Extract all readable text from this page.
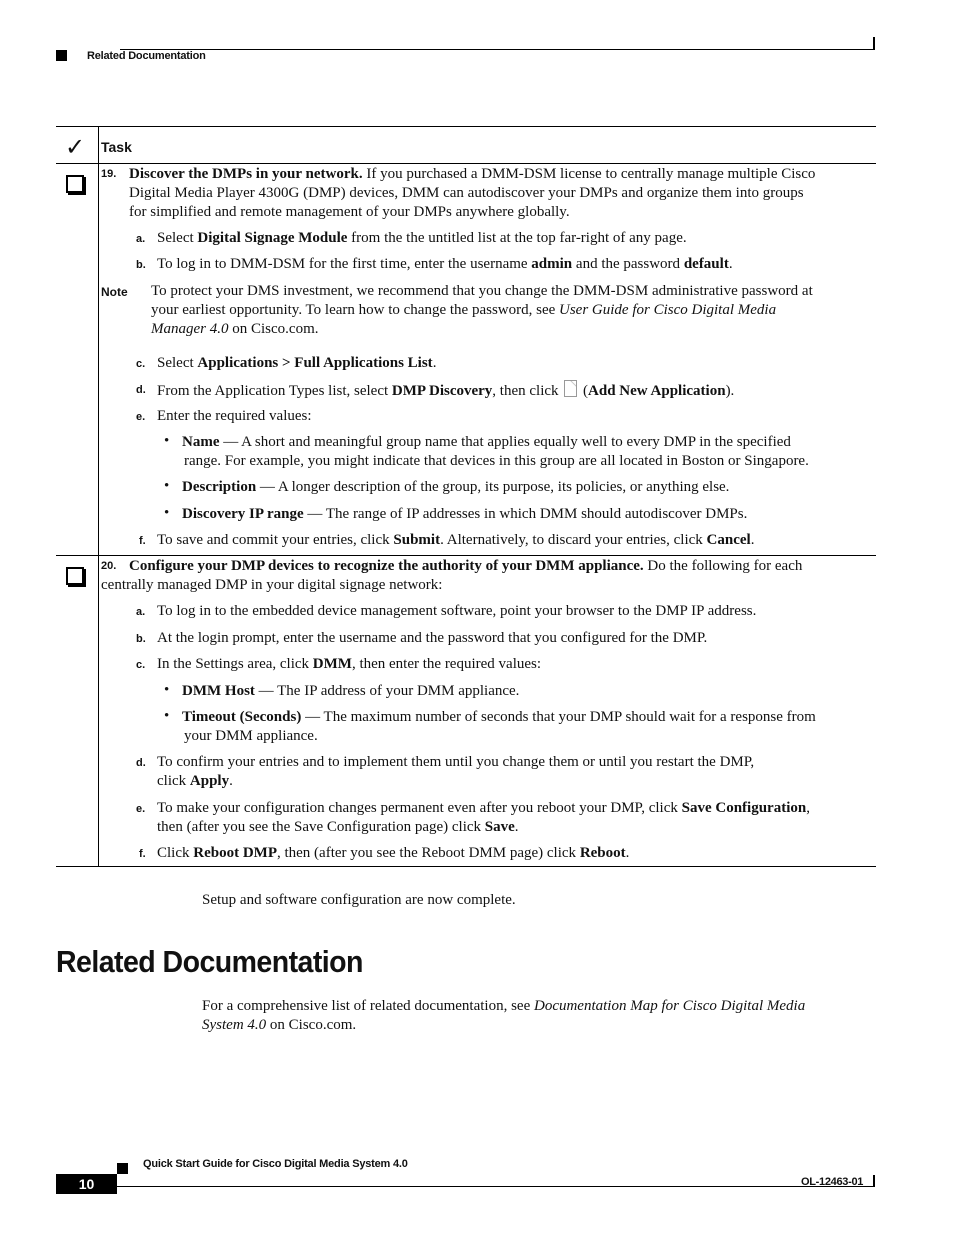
Related Documentation
✓ Task
19. Discover the DMPs in your network. If you purchased a DMM-DSM license to centrally manage multiple Cisco
Digital Media Player 4300G (DMP) devices, DMM can autodiscover your DMPs and organize them into groups
for simplified and remote management of your DMPs anywhere globally.
a. Select Digital Signage Module from the the untitled list at the top far-right of any page.
b. To log in to DMM-DSM for the first time, enter the username admin and the password default.
Note To protect your DMS investment, we recommend that you change the DMM-DSM administrative password at
your earliest opportunity. To learn how to change the password, see User Guide for Cisco Digital Media
Manager 4.0 on Cisco.com.
c. Select Applications > Full Applications List.
d. From the Application Types list, select DMP Discovery, then click  (Add New Application).
e. Enter the required values:
• Name — A short and meaningful group name that applies equally well to every DMP in the specified
range. For example, you might indicate that devices in this group are all located in Boston or Singapore.
• Description — A longer description of the group, its purpose, its policies, or anything else.
• Discovery IP range — The range of IP addresses in which DMM should autodiscover DMPs.
f. To save and commit your entries, click Submit. Alternatively, to discard your entries, click Cancel.
20. Configure your DMP devices to recognize the authority of your DMM appliance. Do the following for each
centrally managed DMP in your digital signage network:
a. To log in to the embedded device management software, point your browser to the DMP IP address.
b. At the login prompt, enter the username and the password that you configured for the DMP.
c. In the Settings area, click DMM, then enter the required values:
• DMM Host — The IP address of your DMM appliance.
• Timeout (Seconds) — The maximum number of seconds that your DMP should wait for a response from
your DMM appliance.
d. To confirm your entries and to implement them until you change them or until you restart the DMP,
click Apply.
e. To make your configuration changes permanent even after you reboot your DMP, click Save Configuration,
then (after you see the Save Configuration page) click Save.
f. Click Reboot DMP, then (after you see the Reboot DMM page) click Reboot.
Setup and software configuration are now complete.
Related Documentation
For a comprehensive list of related documentation, see Documentation Map for Cisco Digital Media
System 4.0 on Cisco.com.
Quick Start Guide for Cisco Digital Media System 4.0
10	OL-12463-01
